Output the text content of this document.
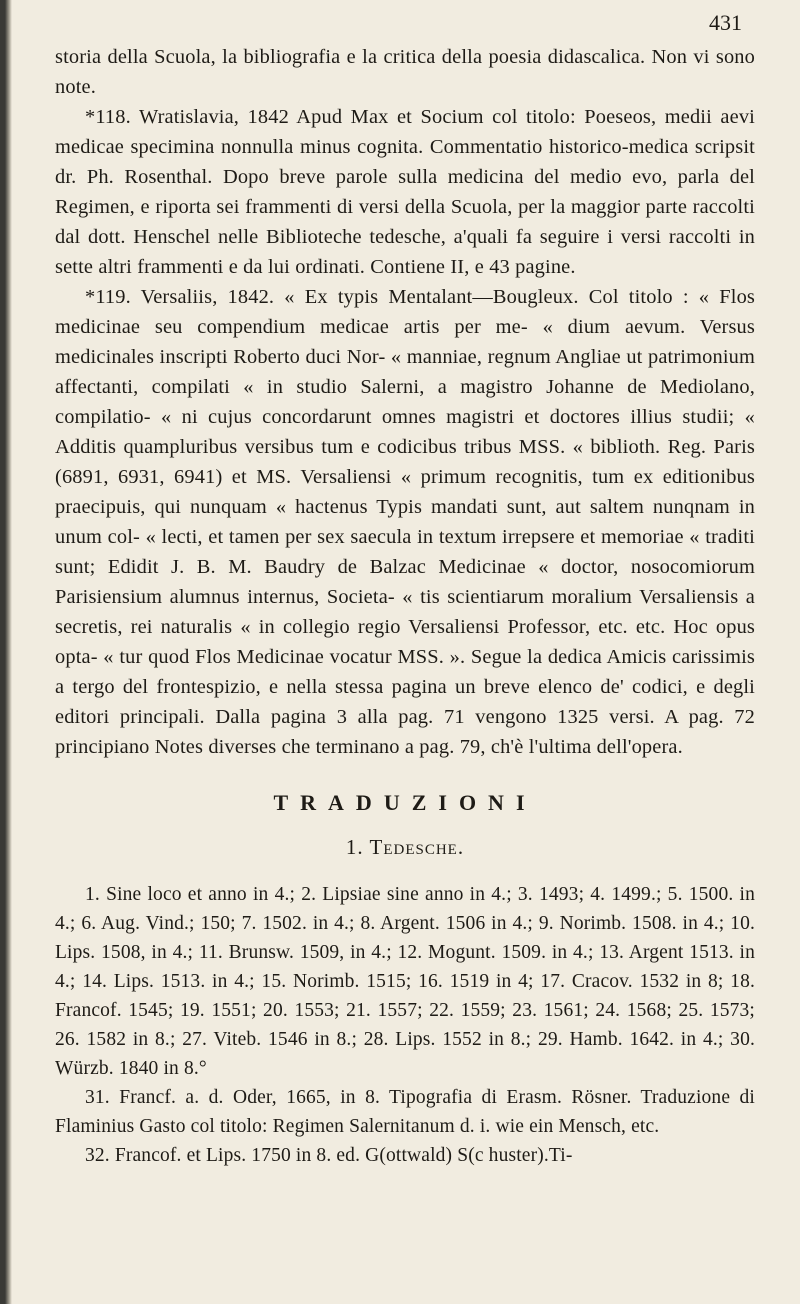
431

storia della Scuola, la bibliografia e la critica della poesia didascalica. Non vi sono note.

*118. Wratislavia, 1842 Apud Max et Socium col titolo: Poeseos, medii aevi medicae specimina nonnulla minus cognita. Commentatio historico-medica scripsit dr. Ph. Rosenthal. Dopo breve parole sulla medicina del medio evo, parla del Regimen, e riporta sei frammenti di versi della Scuola, per la maggior parte raccolti dal dott. Henschel nelle Biblioteche tedesche, a'quali fa seguire i versi raccolti in sette altri frammenti e da lui ordinati. Contiene II, e 43 pagine.

*119. Versaliis, 1842. « Ex typis Mentalant—Bougleux. Col titolo : « Flos medicinae seu compendium medicae artis per me- « dium aevum. Versus medicinales inscripti Roberto duci Nor- « manniae, regnum Angliae ut patrimonium affectanti, compilati « in studio Salerni, a magistro Johanne de Mediolano, compilatio- « ni cujus concordarunt omnes magistri et doctores illius studii; « Additis quampluribus versibus tum e codicibus tribus MSS. « biblioth. Reg. Paris (6891, 6931, 6941) et MS. Versaliensi « primum recognitis, tum ex editionibus praecipuis, qui nunquam « hactenus Typis mandati sunt, aut saltem nunqnam in unum col- « lecti, et tamen per sex saecula in textum irrepsere et memoriae « traditi sunt; Edidit J. B. M. Baudry de Balzac Medicinae « doctor, nosocomiorum Parisiensium alumnus internus, Societa- « tis scientiarum moralium Versaliensis a secretis, rei naturalis « in collegio regio Versaliensi Professor, etc. etc. Hoc opus opta- « tur quod Flos Medicinae vocatur MSS. ». Segue la dedica Amicis carissimis a tergo del frontespizio, e nella stessa pagina un breve elenco de' codici, e degli editori principali. Dalla pagina 3 alla pag. 71 vengono 1325 versi. A pag. 72 principiano Notes diverses che terminano a pag. 79, ch'è l'ultima dell'opera.

TRADUZIONI

1. Tedesche.

1. Sine loco et anno in 4.; 2. Lipsiae sine anno in 4.; 3. 1493; 4. 1499.; 5. 1500. in 4.; 6. Aug. Vind.; 150; 7. 1502. in 4.; 8. Argent. 1506 in 4.; 9. Norimb. 1508. in 4.; 10. Lips. 1508, in 4.; 11. Brunsw. 1509, in 4.; 12. Mogunt. 1509. in 4.; 13. Argent 1513. in 4.; 14. Lips. 1513. in 4.; 15. Norimb. 1515; 16. 1519 in 4; 17. Cracov. 1532 in 8; 18. Francof. 1545; 19. 1551; 20. 1553; 21. 1557; 22. 1559; 23. 1561; 24. 1568; 25. 1573; 26. 1582 in 8.; 27. Viteb. 1546 in 8.; 28. Lips. 1552 in 8.; 29. Hamb. 1642. in 4.; 30. Würzb. 1840 in 8.°

31. Francf. a. d. Oder, 1665, in 8. Tipografia di Erasm. Rösner. Traduzione di Flaminius Gasto col titolo: Regimen Salernitanum d. i. wie ein Mensch, etc.

32. Francof. et Lips. 1750 in 8. ed. G(ottwald) S(c huster).Ti-
